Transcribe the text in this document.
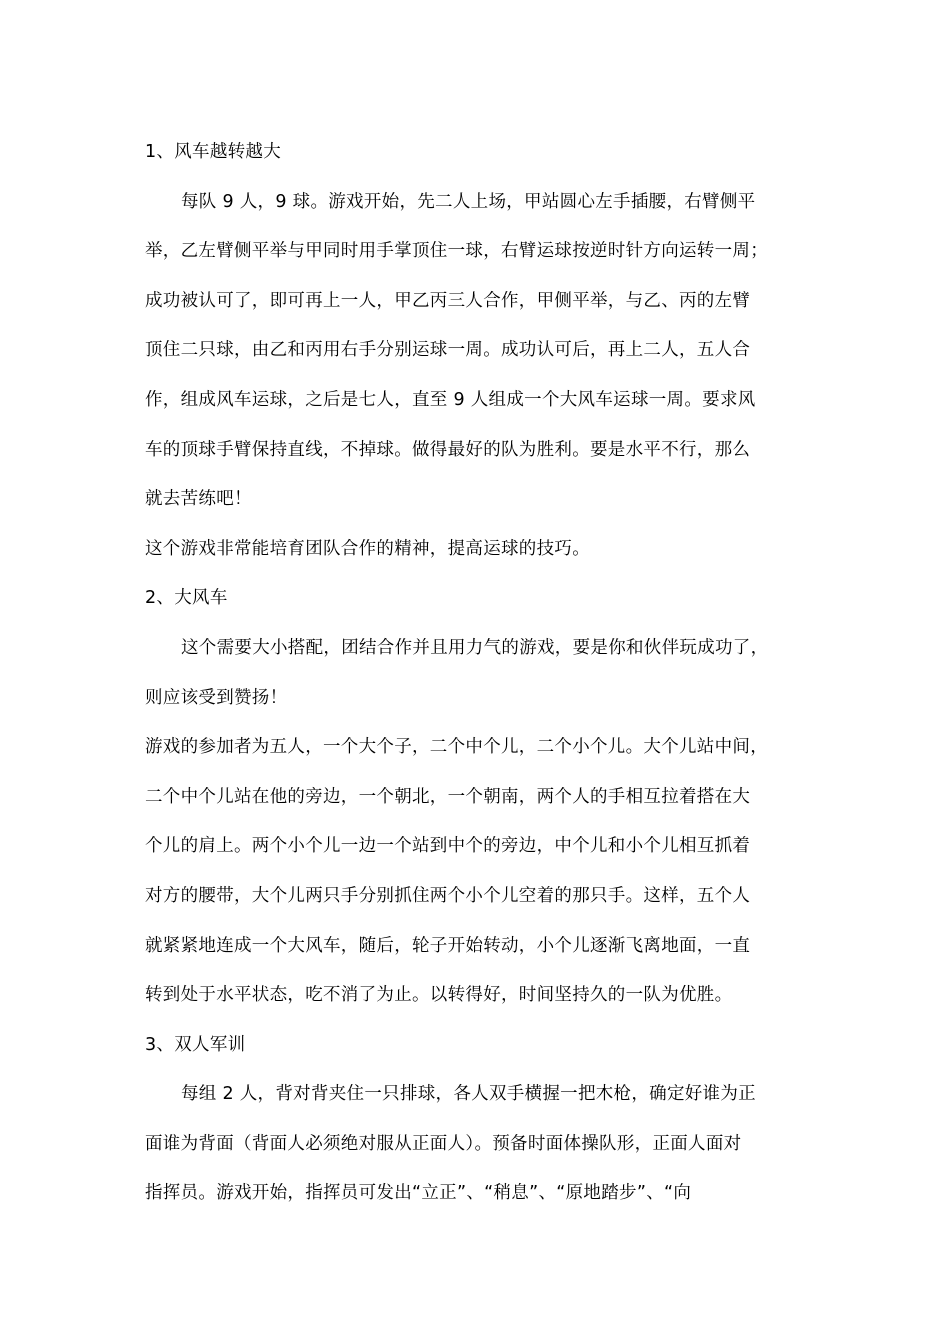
1、风车越转越大
每队 9 人，9 球。游戏开始，先二人上场，甲站圆心左手插腰，右臂侧平
举，乙左臂侧平举与甲同时用手掌顶住一球，右臂运球按逆时针方向运转一周；
成功被认可了，即可再上一人，甲乙丙三人合作，甲侧平举，与乙、丙的左臂
顶住二只球，由乙和丙用右手分别运球一周。成功认可后，再上二人，五人合
作，组成风车运球，之后是七人，直至 9 人组成一个大风车运球一周。要求风
车的顶球手臂保持直线，不掉球。做得最好的队为胜利。要是水平不行，那么
就去苦练吧！
这个游戏非常能培育团队合作的精神，提高运球的技巧。
2、大风车
这个需要大小搭配，团结合作并且用力气的游戏，要是你和伙伴玩成功了，
则应该受到赞扬！
游戏的参加者为五人，一个大个子，二个中个儿，二个小个儿。大个儿站中间，
二个中个儿站在他的旁边，一个朝北，一个朝南，两个人的手相互拉着搭在大
个儿的肩上。两个小个儿一边一个站到中个的旁边，中个儿和小个儿相互抓着
对方的腰带，大个儿两只手分别抓住两个小个儿空着的那只手。这样，五个人
就紧紧地连成一个大风车，随后，轮子开始转动，小个儿逐渐飞离地面，一直
转到处于水平状态，吃不消了为止。以转得好，时间坚持久的一队为优胜。
3、双人军训
每组 2 人，背对背夹住一只排球，各人双手横握一把木枪，确定好谁为正
面谁为背面（背面人必须绝对服从正面人）。预备时面体操队形，正面人面对
指挥员。游戏开始，指挥员可发出“立正”、“稍息”、“原地踏步”、“向
